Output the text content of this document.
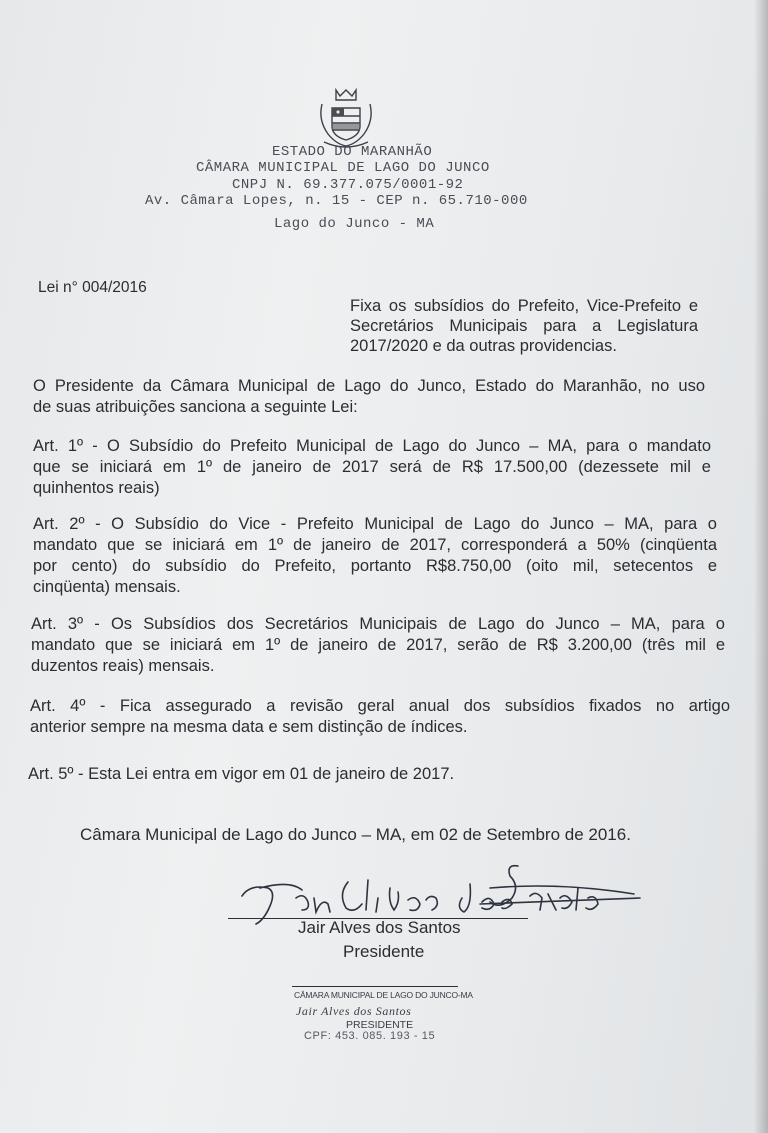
ESTADO DO MARANHÃO
CÂMARA MUNICIPAL DE LAGO DO JUNCO
CNPJ N. 69.377.075/0001-92
Av. Câmara Lopes, n. 15 - CEP n. 65.710-000
Lago do Junco - MA
Lei n° 004/2016
Fixa os subsídios do Prefeito, Vice-Prefeito e
Secretários Municipais para a Legislatura
2017/2020 e da outras providencias.
O Presidente da Câmara Municipal de Lago do Junco, Estado do Maranhão, no uso
de suas atribuições sanciona a seguinte Lei:
Art. 1º - O Subsídio do Prefeito Municipal de Lago do Junco – MA, para o mandato
que se iniciará em 1º de janeiro de 2017 será de R$ 17.500,00 (dezessete mil e
quinhentos reais)
Art. 2º - O Subsídio do Vice - Prefeito Municipal de Lago do Junco – MA, para o
mandato que se iniciará em 1º de janeiro de 2017, corresponderá a 50% (cinqüenta
por cento) do subsídio do Prefeito, portanto R$8.750,00 (oito mil, setecentos e
cinqüenta) mensais.
Art. 3º - Os Subsídios dos Secretários Municipais de Lago do Junco – MA, para o
mandato que se iniciará em 1º de janeiro de 2017, serão de R$ 3.200,00 (três mil e
duzentos reais) mensais.
Art. 4º - Fica assegurado a revisão geral anual dos subsídios fixados no artigo
anterior sempre na mesma data e sem distinção de índices.
Art. 5º - Esta Lei entra em vigor em 01 de janeiro de 2017.
Câmara Municipal de Lago do Junco – MA, em 02 de Setembro de 2016.
Jair Alves dos Santos
Presidente
CÂMARA MUNICIPAL DE LAGO DO JUNCO-MA
Jair Alves dos Santos
PRESIDENTE
CPF: 453. 085. 193 - 15
